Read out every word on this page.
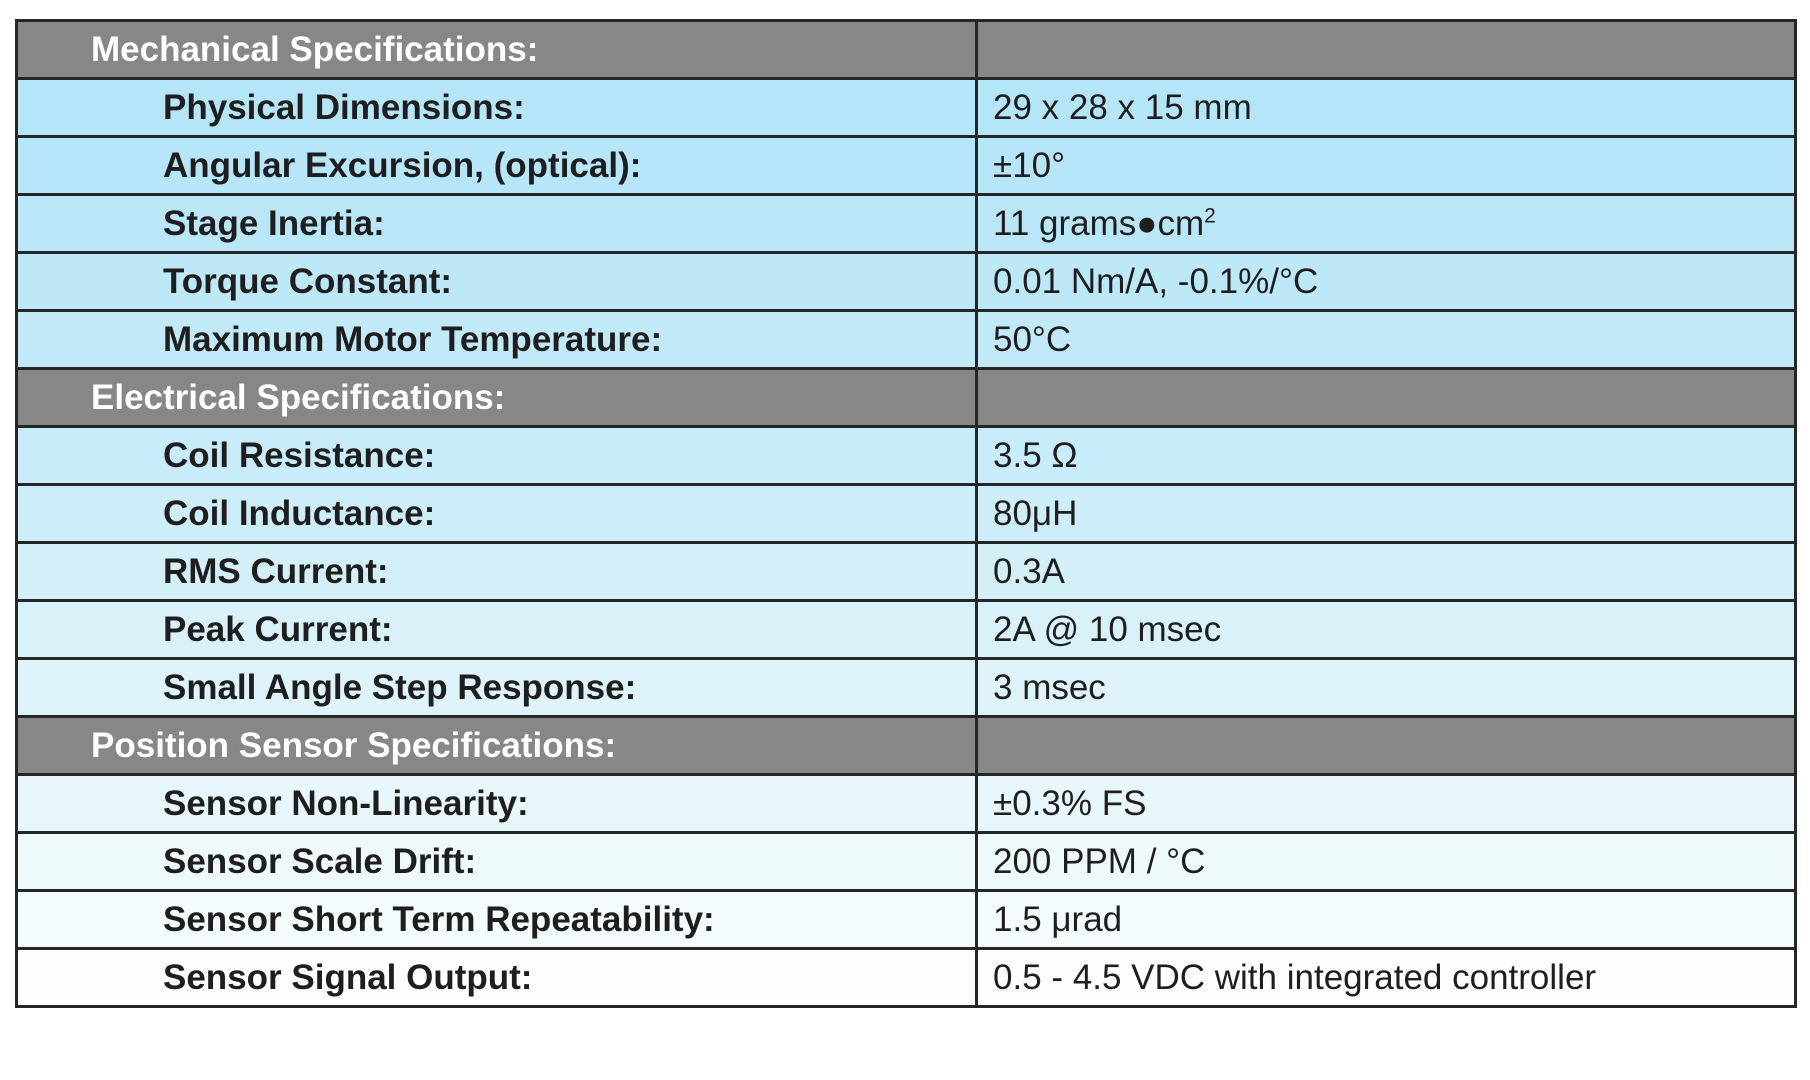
Mechanical Specifications:	
Physical Dimensions:	29 x 28 x 15 mm
Angular Excursion, (optical):	±10°
Stage Inertia:	11 $grams●cm^2$
Torque Constant:	0.01 Nm/A, -0.1%/°C
Maximum Motor Temperature:	50°C
Electrical Specifications:	
Coil Resistance:	3.5 Ω
Coil Inductance:	80μH
RMS Current:	0.3A
Peak Current:	2A @ 10 msec
Small Angle Step Response:	3 msec
Position Sensor Specifications:	
Sensor Non-Linearity:	±0.3% FS
Sensor Scale Drift:	200 PPM / °C
Sensor Short Term Repeatability:	1.5 μrad
Sensor Signal Output:	0.5 - 4.5 VDC with integrated controller
